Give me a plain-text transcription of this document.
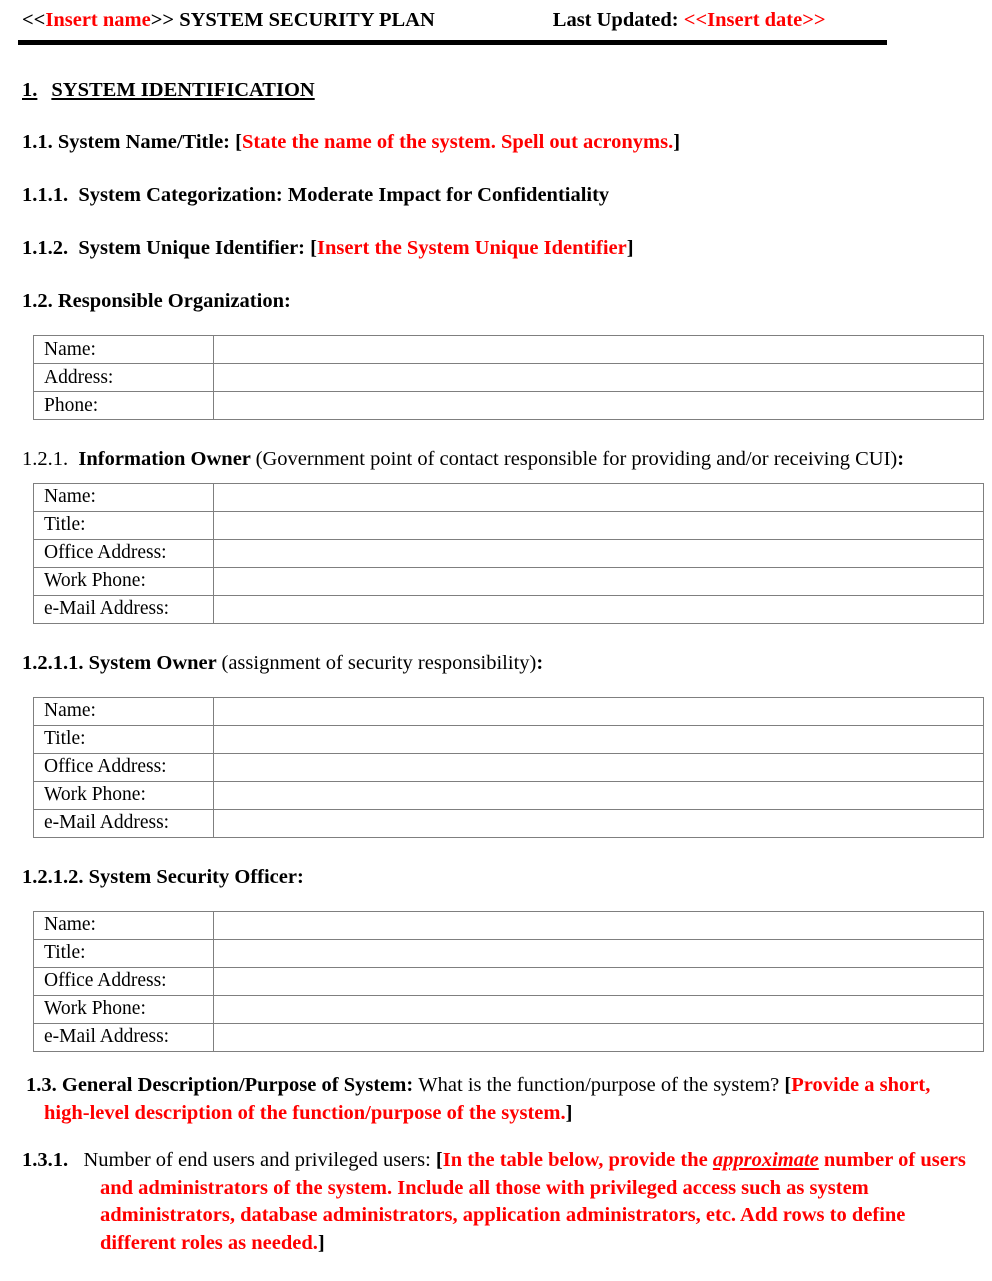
<<Insert name>> SYSTEM SECURITY PLAN	Last Updated: <<Insert date>>
1. SYSTEM IDENTIFICATION

1.1. System Name/Title: [State the name of the system. Spell out acronyms.]

1.1.1. System Categorization: Moderate Impact for Confidentiality

1.1.2. System Unique Identifier: [Insert the System Unique Identifier]

1.2. Responsible Organization:

Name:	
Address:	
Phone:	

1.2.1. Information Owner (Government point of contact responsible for providing and/or receiving CUI):

Name:	
Title:	
Office Address:	
Work Phone:	
e-Mail Address:	

1.2.1.1. System Owner (assignment of security responsibility):

Name:	
Title:	
Office Address:	
Work Phone:	
e-Mail Address:	

1.2.1.2. System Security Officer:

Name:	
Title:	
Office Address:	
Work Phone:	
e-Mail Address:	

1.3. General Description/Purpose of System: What is the function/purpose of the system? [Provide a short, high-level description of the function/purpose of the system.]

1.3.1. Number of end users and privileged users: [In the table below, provide the approximate number of users and administrators of the system. Include all those with privileged access such as system administrators, database administrators, application administrators, etc. Add rows to define different roles as needed.]
